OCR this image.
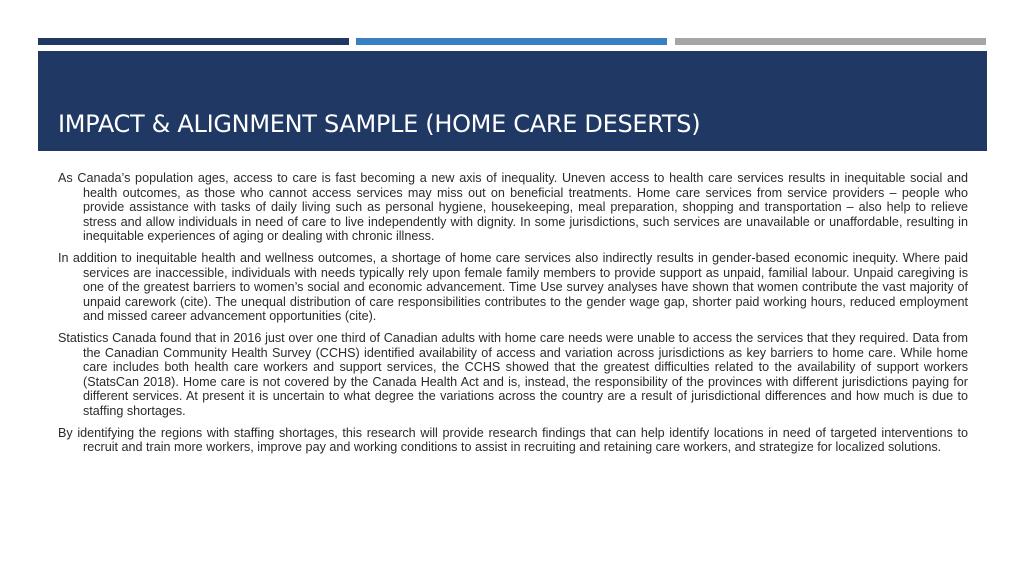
IMPACT & ALIGNMENT SAMPLE (HOME CARE DESERTS)

As Canada’s population ages, access to care is fast becoming a new axis of inequality. Uneven access to health care services results in inequitable social and health outcomes, as those who cannot access services may miss out on beneficial treatments. Home care services from service providers – people who provide assistance with tasks of daily living such as personal hygiene, housekeeping, meal preparation, shopping and transportation – also help to relieve stress and allow individuals in need of care to live independently with dignity. In some jurisdictions, such services are unavailable or unaffordable, resulting in inequitable experiences of aging or dealing with chronic illness.

In addition to inequitable health and wellness outcomes, a shortage of home care services also indirectly results in gender-based economic inequity. Where paid services are inaccessible, individuals with needs typically rely upon female family members to provide support as unpaid, familial labour. Unpaid caregiving is one of the greatest barriers to women’s social and economic advancement. Time Use survey analyses have shown that women contribute the vast majority of unpaid carework (cite). The unequal distribution of care responsibilities contributes to the gender wage gap, shorter paid working hours, reduced employment and missed career advancement opportunities (cite).

Statistics Canada found that in 2016 just over one third of Canadian adults with home care needs were unable to access the services that they required. Data from the Canadian Community Health Survey (CCHS) identified availability of access and variation across jurisdictions as key barriers to home care. While home care includes both health care workers and support services, the CCHS showed that the greatest difficulties related to the availability of support workers (StatsCan 2018). Home care is not covered by the Canada Health Act and is, instead, the responsibility of the provinces with different jurisdictions paying for different services. At present it is uncertain to what degree the variations across the country are a result of jurisdictional differences and how much is due to staffing shortages.

By identifying the regions with staffing shortages, this research will provide research findings that can help identify locations in need of targeted interventions to recruit and train more workers, improve pay and working conditions to assist in recruiting and retaining care workers, and strategize for localized solutions.
